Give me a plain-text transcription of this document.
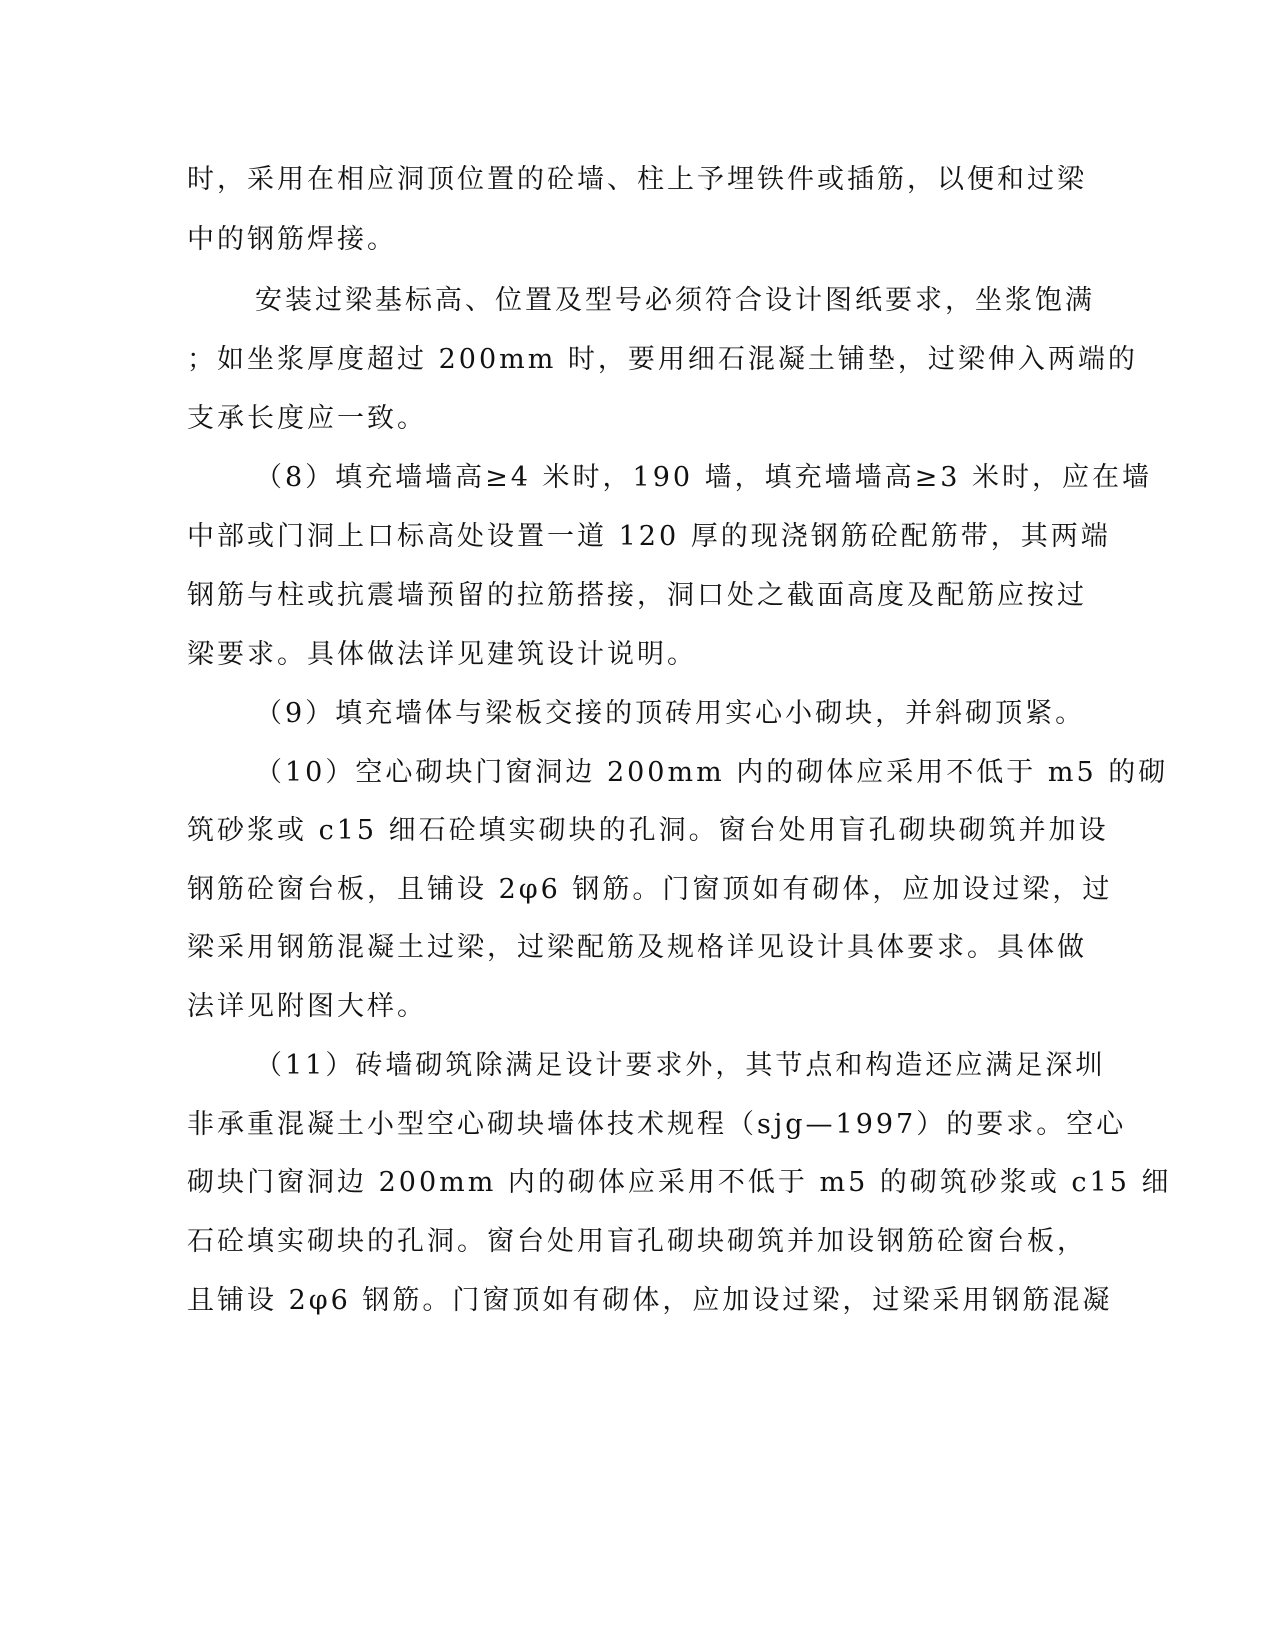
时，采用在相应洞顶位置的砼墙、柱上予埋铁件或插筋，以便和过梁
中的钢筋焊接。
安装过梁基标高、位置及型号必须符合设计图纸要求，坐浆饱满
；如坐浆厚度超过 200mm 时，要用细石混凝土铺垫，过梁伸入两端的
支承长度应一致。
（8）填充墙墙高≥4 米时，190 墙，填充墙墙高≥3 米时，应在墙
中部或门洞上口标高处设置一道 120 厚的现浇钢筋砼配筋带，其两端
钢筋与柱或抗震墙预留的拉筋搭接，洞口处之截面高度及配筋应按过
梁要求。具体做法详见建筑设计说明。
（9）填充墙体与梁板交接的顶砖用实心小砌块，并斜砌顶紧。
（10）空心砌块门窗洞边 200mm 内的砌体应采用不低于 m5 的砌
筑砂浆或 c15 细石砼填实砌块的孔洞。窗台处用盲孔砌块砌筑并加设
钢筋砼窗台板，且铺设 2φ6 钢筋。门窗顶如有砌体，应加设过梁，过
梁采用钢筋混凝土过梁，过梁配筋及规格详见设计具体要求。具体做
法详见附图大样。
（11）砖墙砌筑除满足设计要求外，其节点和构造还应满足深圳
非承重混凝土小型空心砌块墙体技术规程（sjg—1997）的要求。空心
砌块门窗洞边 200mm 内的砌体应采用不低于 m5 的砌筑砂浆或 c15 细
石砼填实砌块的孔洞。窗台处用盲孔砌块砌筑并加设钢筋砼窗台板，
且铺设 2φ6 钢筋。门窗顶如有砌体，应加设过梁，过梁采用钢筋混凝
